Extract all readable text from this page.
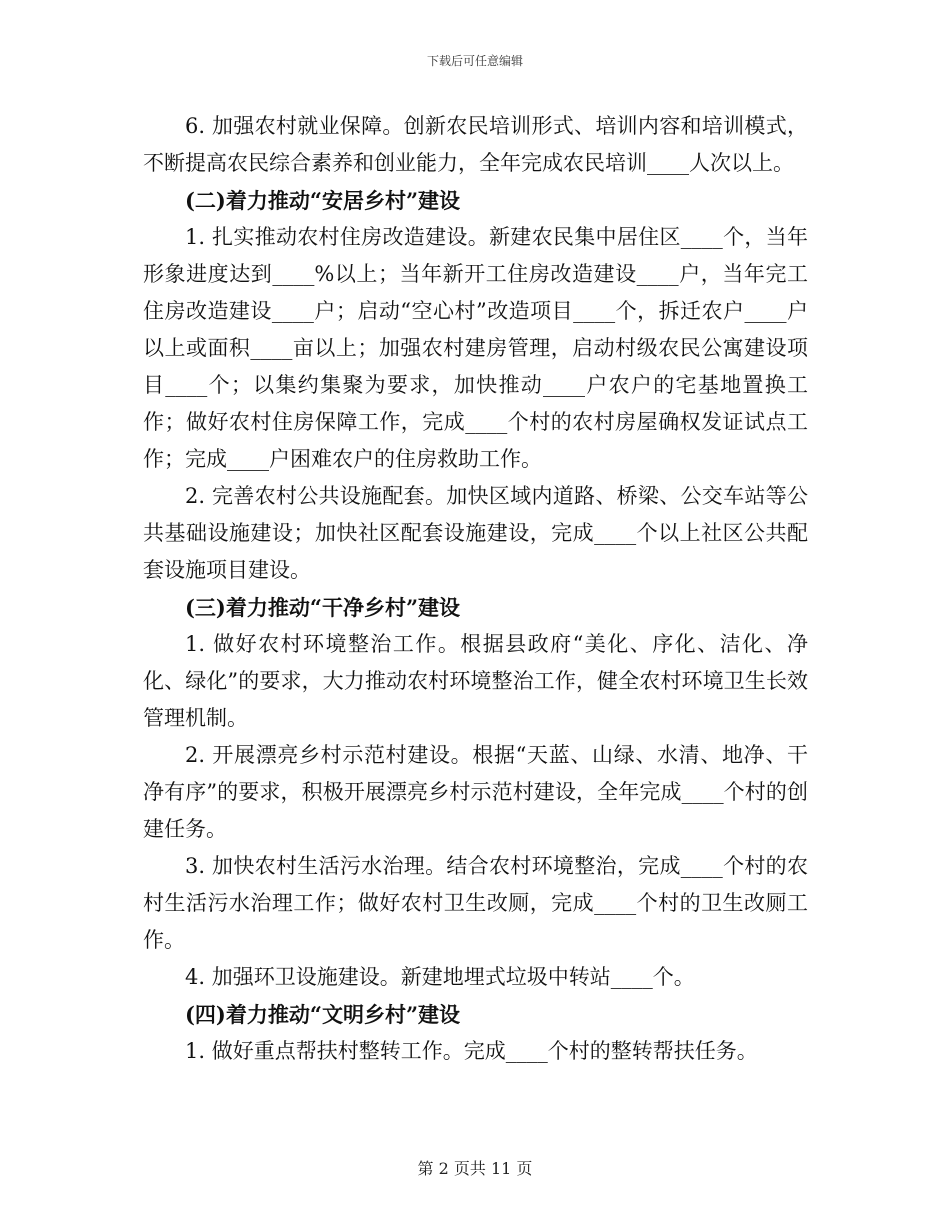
下载后可任意编辑
6. 加强农村就业保障。创新农民培训形式、培训内容和培训模式，不断提高农民综合素养和创业能力，全年完成农民培训____人次以上。
(二)着力推动“安居乡村”建设
1. 扎实推动农村住房改造建设。新建农民集中居住区____个，当年形象进度达到____%以上；当年新开工住房改造建设____户，当年完工住房改造建设____户；启动“空心村”改造项目____个，拆迁农户____户以上或面积____亩以上；加强农村建房管理，启动村级农民公寓建设项目____个；以集约集聚为要求，加快推动____户农户的宅基地置换工作；做好农村住房保障工作，完成____个村的农村房屋确权发证试点工作；完成____户困难农户的住房救助工作。
2. 完善农村公共设施配套。加快区域内道路、桥梁、公交车站等公共基础设施建设；加快社区配套设施建设，完成____个以上社区公共配套设施项目建设。
(三)着力推动“干净乡村”建设
1. 做好农村环境整治工作。根据县政府“美化、序化、洁化、净化、绿化”的要求，大力推动农村环境整治工作，健全农村环境卫生长效管理机制。
2. 开展漂亮乡村示范村建设。根据“天蓝、山绿、水清、地净、干净有序”的要求，积极开展漂亮乡村示范村建设，全年完成____个村的创建任务。
3. 加快农村生活污水治理。结合农村环境整治，完成____个村的农村生活污水治理工作；做好农村卫生改厕，完成____个村的卫生改厕工作。
4. 加强环卫设施建设。新建地埋式垃圾中转站____个。
(四)着力推动“文明乡村”建设
1. 做好重点帮扶村整转工作。完成____个村的整转帮扶任务。
第 2 页共 11 页
